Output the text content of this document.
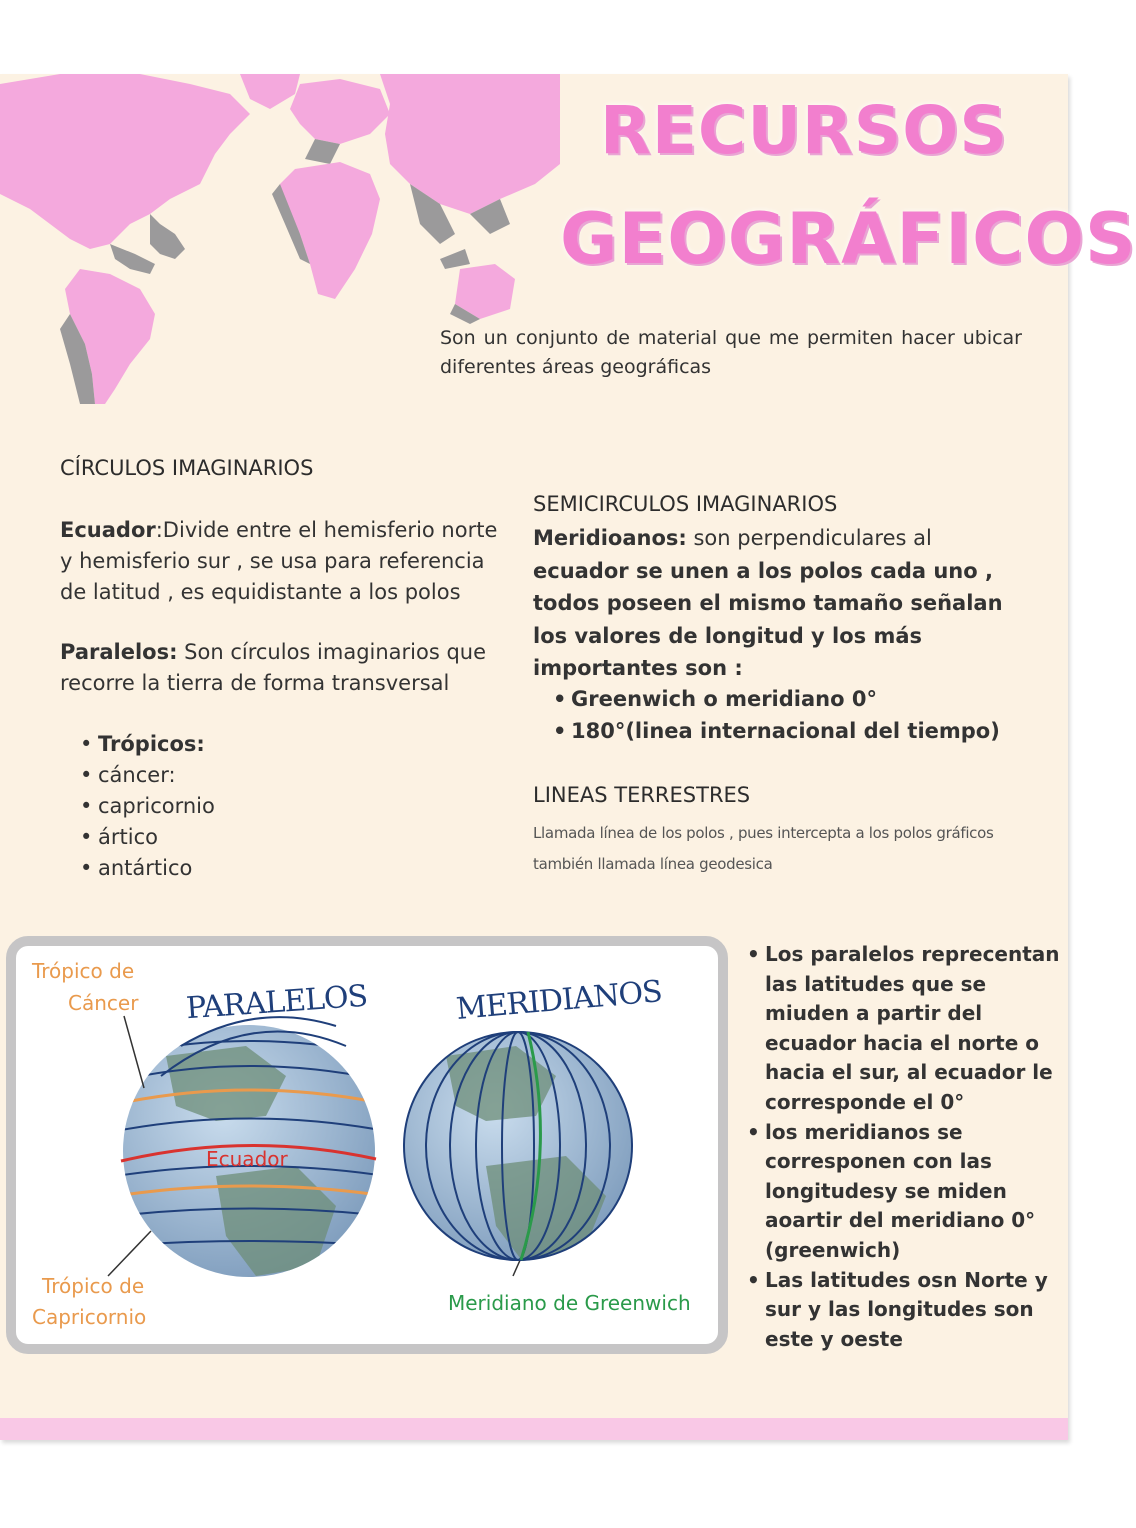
RECURSOS
GEOGRÁFICOS
Son un conjunto de material que me permiten hacer ubicar diferentes áreas geográficas
CÍRCULOS IMAGINARIOS
Ecuador:Divide entre el hemisferio norte y hemisferio sur , se usa para referencia de latitud , es equidistante a los polos
Paralelos: Son círculos imaginarios que recorre la tierra de forma transversal
• Trópicos:
• cáncer:
• capricornio
• ártico
• antártico
SEMICIRCULOS IMAGINARIOS
Meridioanos: son perpendiculares al ecuador se unen a los polos cada uno , todos poseen el mismo tamaño señalan los valores de longitud y los más importantes son :
• Greenwich o meridiano 0°
• 180°(linea internacional del tiempo)
LINEAS TERRESTRES
Llamada línea de los polos , pues intercepta a los polos gráficos también llamada línea geodesica
Trópico de
Cáncer PARALELOS	MERIDIANOS
Ecuador
Trópico de
Capricornio
Meridiano de Greenwich
• Los paralelos reprecentan las latitudes que se miuden a partir del ecuador hacia el norte o hacia el sur, al ecuador le corresponde el 0°
• los meridianos se corresponen con las longitudesy se miden aoartir del meridiano 0° (greenwich)
• Las latitudes osn Norte y sur y las longitudes son este y oeste
